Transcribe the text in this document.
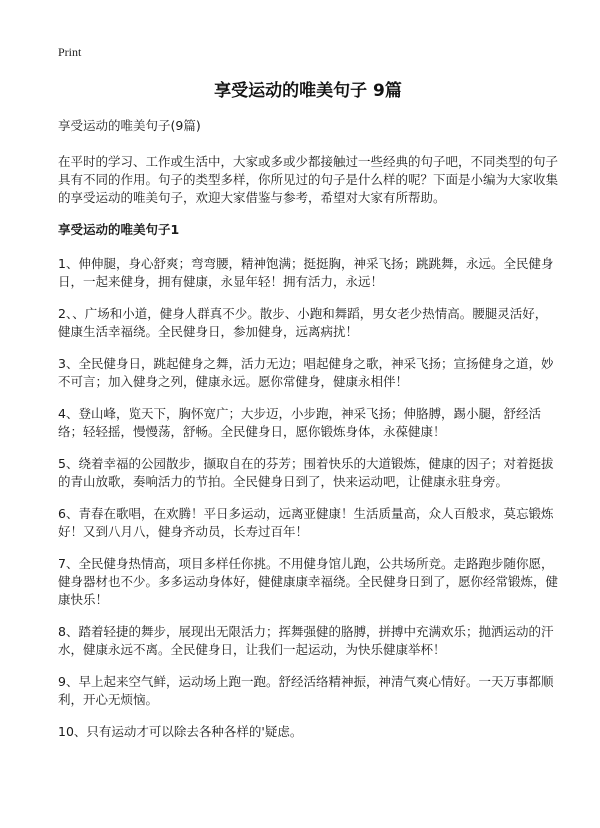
Print
享受运动的唯美句子 9篇
享受运动的唯美句子(9篇)
在平时的学习、工作或生活中，大家或多或少都接触过一些经典的句子吧，不同类型的句子具有不同的作用。句子的类型多样，你所见过的句子是什么样的呢？下面是小编为大家收集的享受运动的唯美句子，欢迎大家借鉴与参考，希望对大家有所帮助。
享受运动的唯美句子1
1、伸伸腿，身心舒爽；弯弯腰，精神饱满；挺挺胸，神采飞扬；跳跳舞，永远。全民健身日，一起来健身，拥有健康，永显年轻！拥有活力，永远！
2、、广场和小道，健身人群真不少。散步、小跑和舞蹈，男女老少热情高。腰腿灵活好，健康生活幸福绕。全民健身日，参加健身，远离病扰！
3、全民健身日，跳起健身之舞，活力无边；唱起健身之歌，神采飞扬；宣扬健身之道，妙不可言；加入健身之列，健康永远。愿你常健身，健康永相伴！
4、登山峰，览天下，胸怀宽广；大步迈，小步跑，神采飞扬；伸胳膊，踢小腿，舒经活络；轻轻摇，慢慢荡，舒畅。全民健身日，愿你锻炼身体，永葆健康！
5、绕着幸福的公园散步，撷取自在的芬芳；围着快乐的大道锻炼，健康的因子；对着挺拔的青山放歌，奏响活力的节拍。全民健身日到了，快来运动吧，让健康永驻身旁。
6、青春在歌唱，在欢腾！平日多运动，远离亚健康！生活质量高，众人百般求，莫忘锻炼好！又到八月八，健身齐动员，长寿过百年！
7、全民健身热情高，项目多样任你挑。不用健身馆儿跑，公共场所竞。走路跑步随你愿，健身器材也不少。多多运动身体好，健健康康幸福绕。全民健身日到了，愿你经常锻炼，健康快乐！
8、踏着轻捷的舞步，展现出无限活力；挥舞强健的胳膊，拼搏中充满欢乐；抛洒运动的汗水，健康永远不离。全民健身日，让我们一起运动，为快乐健康举杯！
9、早上起来空气鲜，运动场上跑一跑。舒经活络精神振，神清气爽心情好。一天万事都顺利，开心无烦恼。
10、只有运动才可以除去各种各样的'疑虑。
